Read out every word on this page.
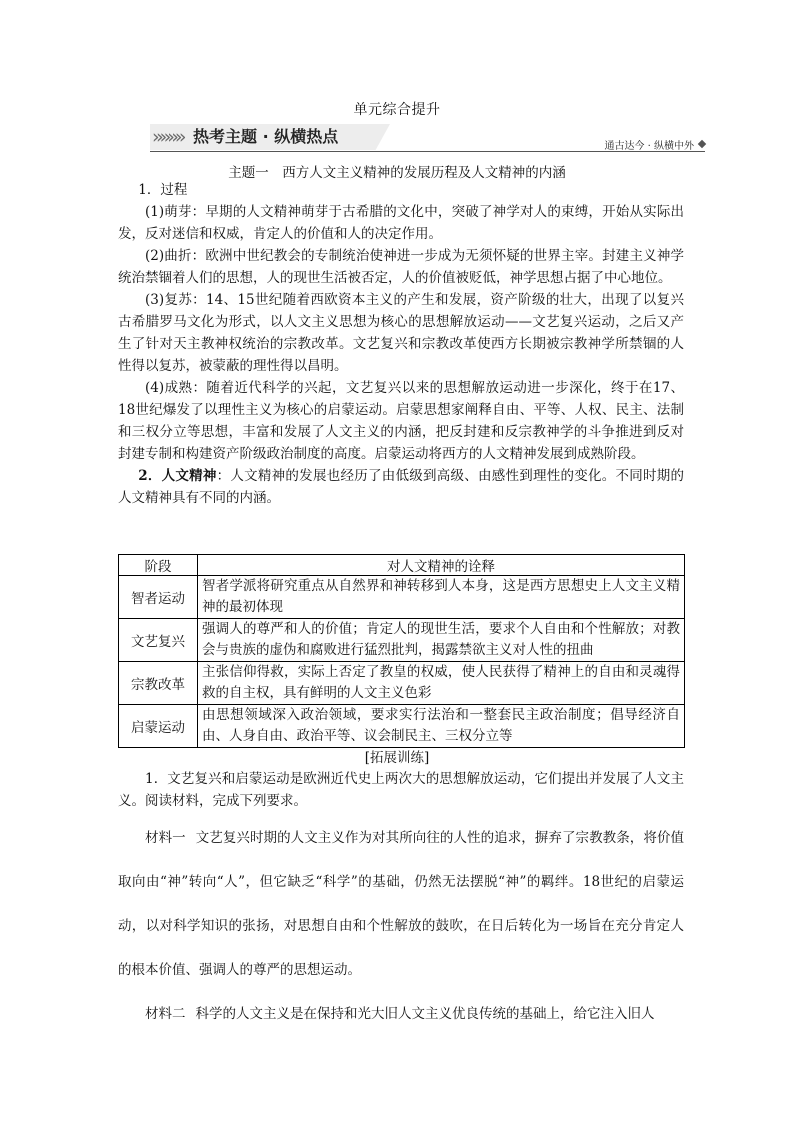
单元综合提升
»»»» 热考主题 · 纵横热点
通古达今 · 纵横中外
主题一　西方人文主义精神的发展历程及人文精神的内涵

1．过程

(1)萌芽：早期的人文精神萌芽于古希腊的文化中，突破了神学对人的束缚，开始从实际出发，反对迷信和权威，肯定人的价值和人的决定作用。

(2)曲折：欧洲中世纪教会的专制统治使神进一步成为无须怀疑的世界主宰。封建主义神学统治禁锢着人们的思想，人的现世生活被否定，人的价值被贬低，神学思想占据了中心地位。

(3)复苏：14、15世纪随着西欧资本主义的产生和发展，资产阶级的壮大，出现了以复兴古希腊罗马文化为形式，以人文主义思想为核心的思想解放运动——文艺复兴运动，之后又产生了针对天主教神权统治的宗教改革。文艺复兴和宗教改革使西方长期被宗教神学所禁锢的人性得以复苏，被蒙蔽的理性得以昌明。

(4)成熟：随着近代科学的兴起，文艺复兴以来的思想解放运动进一步深化，终于在17、18世纪爆发了以理性主义为核心的启蒙运动。启蒙思想家阐释自由、平等、人权、民主、法制和三权分立等思想，丰富和发展了人文主义的内涵，把反封建和反宗教神学的斗争推进到反对封建专制和构建资产阶级政治制度的高度。启蒙运动将西方的人文精神发展到成熟阶段。

2．人文精神：人文精神的发展也经历了由低级到高级、由感性到理性的变化。不同时期的人文精神具有不同的内涵。

阶段	对人文精神的诠释
智者运动	智者学派将研究重点从自然界和神转移到人本身，这是西方思想史上人文主义精神的最初体现
文艺复兴	强调人的尊严和人的价值；肯定人的现世生活，要求个人自由和个性解放；对教会与贵族的虚伪和腐败进行猛烈批判，揭露禁欲主义对人性的扭曲
宗教改革	主张信仰得救，实际上否定了教皇的权威，使人民获得了精神上的自由和灵魂得救的自主权，具有鲜明的人文主义色彩
启蒙运动	由思想领域深入政治领域，要求实行法治和一整套民主政治制度；倡导经济自由、人身自由、政治平等、议会制民主、三权分立等
[拓展训练]

1．文艺复兴和启蒙运动是欧洲近代史上两次大的思想解放运动，它们提出并发展了人文主义。阅读材料，完成下列要求。

材料一 文艺复兴时期的人文主义作为对其所向往的人性的追求，摒弃了宗教教条，将价值取向由“神”转向“人”，但它缺乏“科学”的基础，仍然无法摆脱“神”的羁绊。18世纪的启蒙运动，以对科学知识的张扬，对思想自由和个性解放的鼓吹，在日后转化为一场旨在充分肯定人的根本价值、强调人的尊严的思想运动。

材料二 科学的人文主义是在保持和光大旧人文主义优良传统的基础上，给它注入旧人
